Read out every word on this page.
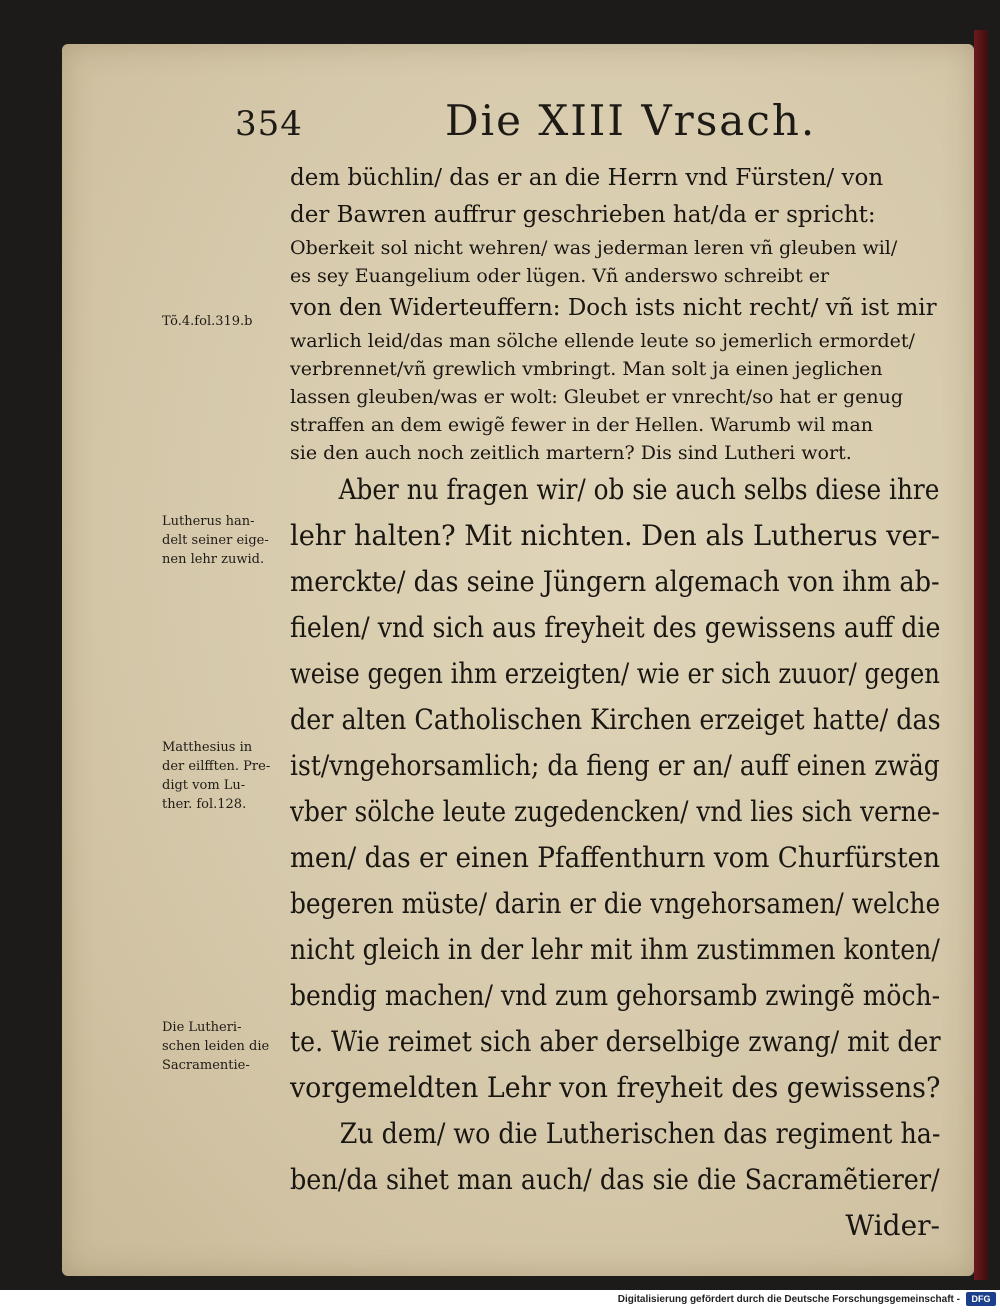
354	Die XIII Vrsach.
dem büchlin/ das er an die Herrn vnd Fürsten/ von
der Bawren auffrur geschrieben hat/da er spricht:
Oberkeit sol nicht wehren/ was jederman leren vñ gleuben wil/
es sey Euangelium oder lügen. Vñ anderswo schreibt er
von den Widerteuffern: Doch ists nicht recht/ vñ ist mir
warlich leid/das man sölche ellende leute so jemerlich ermordet/
verbrennet/vñ grewlich vmbringt. Man solt ja einen jeglichen
lassen gleuben/was er wolt: Gleubet er vnrecht/so hat er genug
straffen an dem ewigẽ fewer in der Hellen. Warumb wil man
sie den auch noch zeitlich martern? Dis sind Lutheri wort.
Aber nu fragen wir/ ob sie auch selbs diese ihre
lehr halten? Mit nichten. Den als Lutherus ver-
merckte/ das seine Jüngern algemach von ihm ab-
fielen/ vnd sich aus freyheit des gewissens auff die
weise gegen ihm erzeigten/ wie er sich zuuor/ gegen
der alten Catholischen Kirchen erzeiget hatte/ das
ist/vngehorsamlich; da fieng er an/ auff einen zwäg
vber sölche leute zugedencken/ vnd lies sich verne-
men/ das er einen Pfaffenthurn vom Churfürsten
begeren müste/ darin er die vngehorsamen/ welche
nicht gleich in der lehr mit ihm zustimmen konten/
bendig machen/ vnd zum gehorsamb zwingẽ möch-
te. Wie reimet sich aber derselbige zwang/ mit der
vorgemeldten Lehr von freyheit des gewissens?
Zu dem/ wo die Lutherischen das regiment ha-
ben/da sihet man auch/ das sie die Sacramẽtierer/
Wider-
Tõ.4.fol.319.b
Lutherus han-
delt seiner eige-
nen lehr zuwid.
Matthesius in
der eilfften. Pre-
digt vom Lu-
ther. fol.128.
Die Lutheri-
schen leiden die
Sacramentie-
Digitalisierung gefördert durch die Deutsche Forschungsgemeinschaft -	DFG
